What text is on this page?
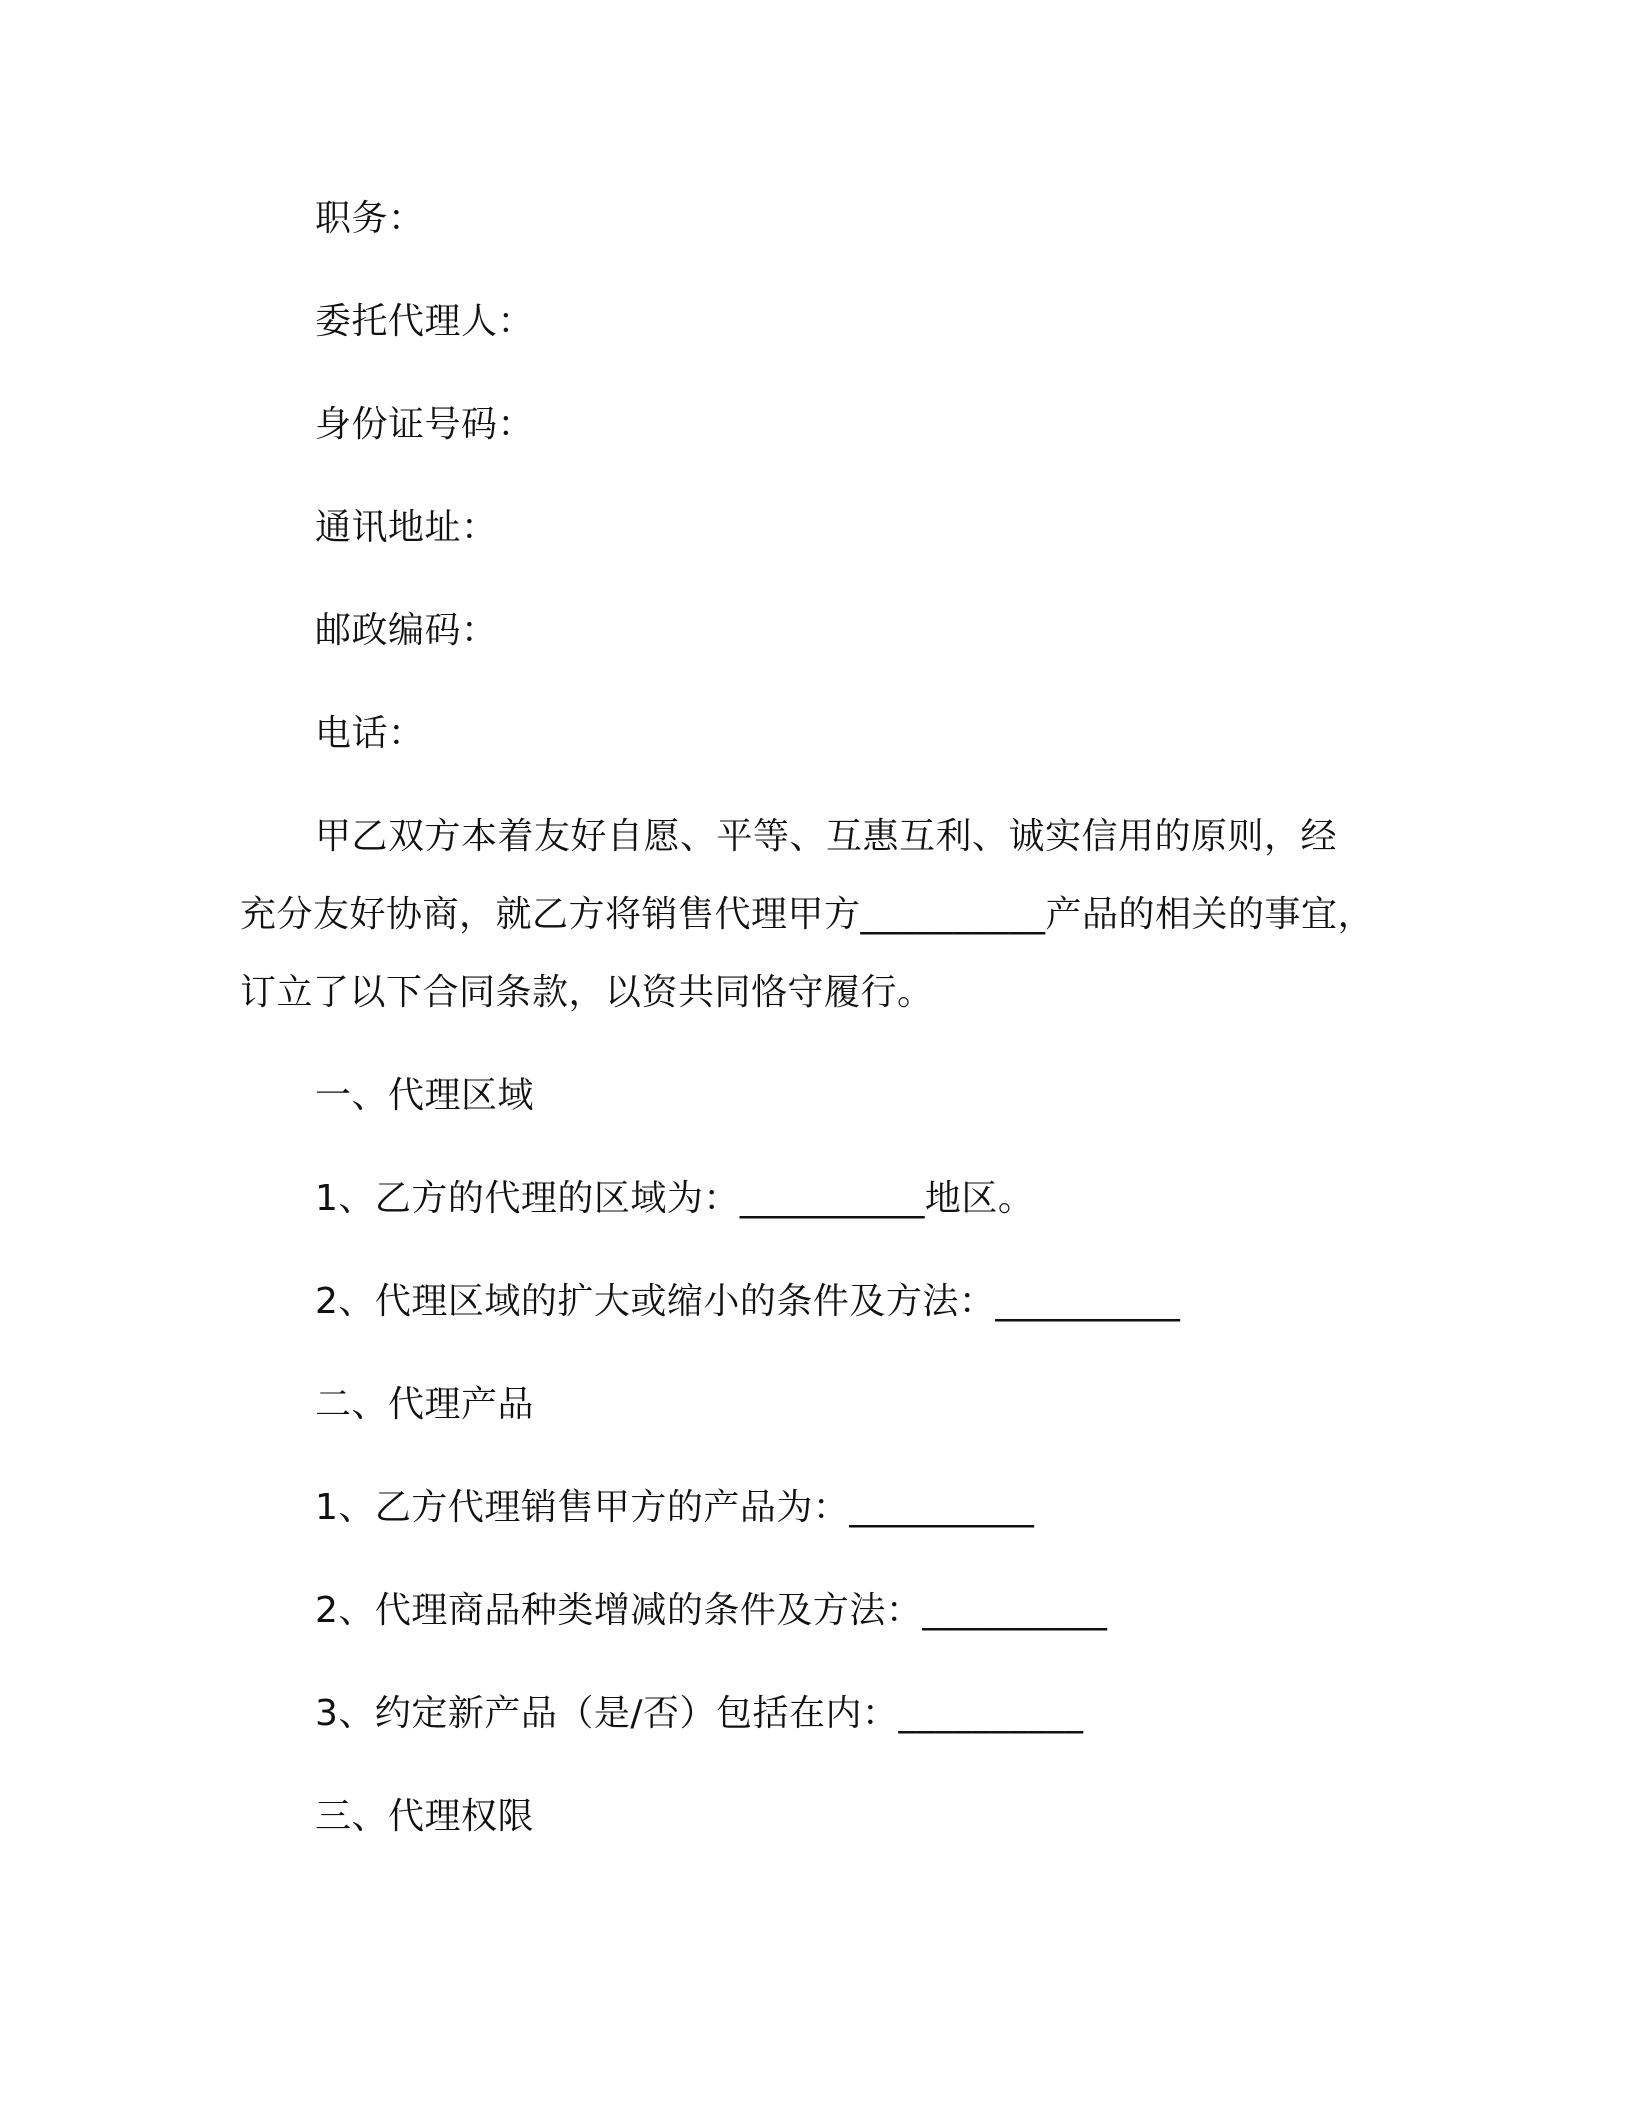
职务：
委托代理人：
身份证号码：
通讯地址：
邮政编码：
电话：
甲乙双方本着友好自愿、平等、互惠互利、诚实信用的原则，经
充分友好协商，就乙方将销售代理甲方__________产品的相关的事宜，
订立了以下合同条款，以资共同恪守履行。
一、代理区域
1、乙方的代理的区域为：__________地区。
2、代理区域的扩大或缩小的条件及方法：__________
二、代理产品
1、乙方代理销售甲方的产品为：__________
2、代理商品种类增减的条件及方法：__________
3、约定新产品（是/否）包括在内：__________
三、代理权限
